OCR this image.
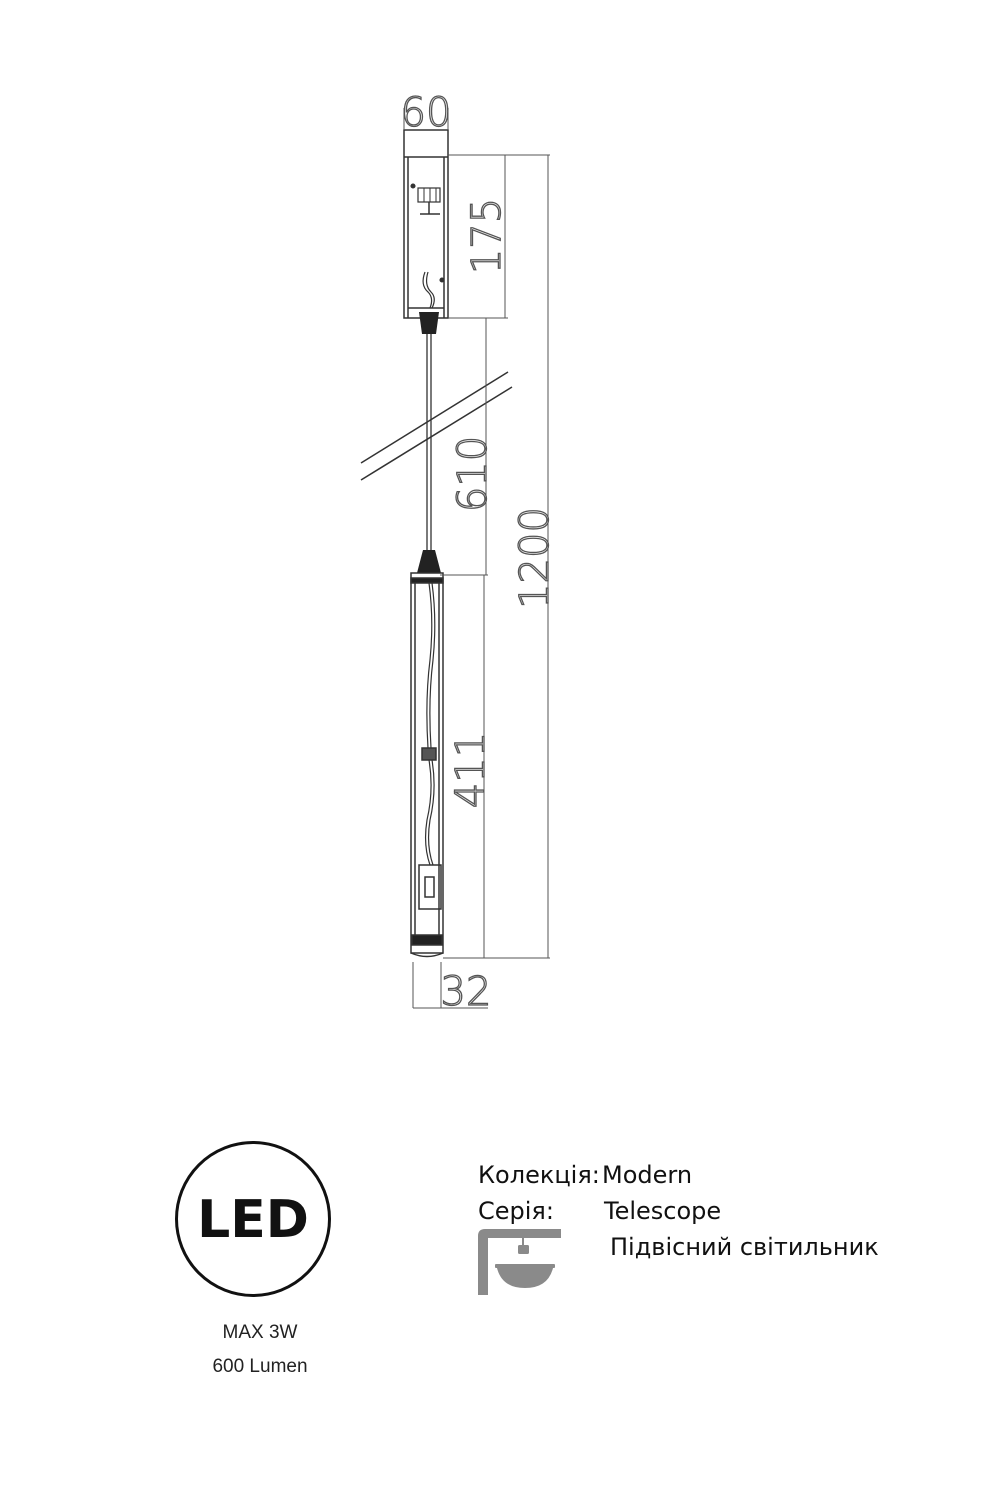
60
175
610
1200
411
32
LED
MAX 3W
600 Lumen
Колекція: Modern
Серія: Telescope
Підвісний світильник
